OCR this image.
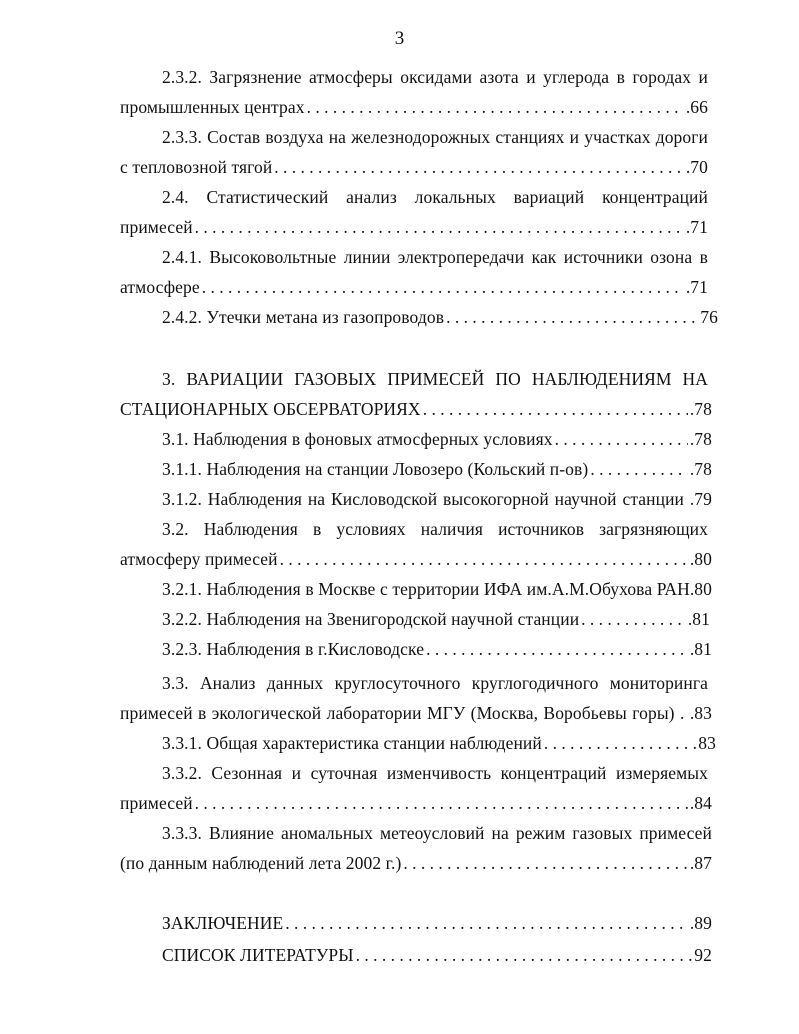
3
2.3.2. Загрязнение атмосферы оксидами азота и углерода в городах и
промышленных центрах . . .	.66
2.3.3. Состав воздуха на железнодорожных станциях и участках дороги
с тепловозной тягой . . .	.70
2.4. Статистический анализ локальных вариаций концентраций
примесей . . .	.71
2.4.1. Высоковольтные линии электропередачи как источники озона в
атмосфере . . .	.71
2.4.2. Утечки метана из газопроводов . . .	76
3. ВАРИАЦИИ ГАЗОВЫХ ПРИМЕСЕЙ ПО НАБЛЮДЕНИЯМ НА
СТАЦИОНАРНЫХ ОБСЕРВАТОРИЯХ . . .	.78
3.1. Наблюдения в фоновых атмосферных условиях . . .	.78
3.1.1. Наблюдения на станции Ловозеро (Кольский п-ов) . . .	.78
3.1.2. Наблюдения на Кисловодской высокогорной научной станции .79
3.2. Наблюдения в условиях наличия источников загрязняющих
атмосферу примесей . . .	.80
3.2.1. Наблюдения в Москве с территории ИФА им.А.М.Обухова РАН.80
3.2.2. Наблюдения на Звенигородской научной станции . . .	.81
3.2.3. Наблюдения в г.Кисловодске . . .	.81
3.3. Анализ данных круглосуточного круглогодичного мониторинга
примесей в экологической лаборатории МГУ (Москва, Воробьевы горы) . .83
3.3.1. Общая характеристика станции наблюдений . . .	83
3.3.2. Сезонная и суточная изменчивость концентраций измеряемых
примесей . . .	.84
3.3.3. Влияние аномальных метеоусловий на режим газовых примесей
(по данным наблюдений лета 2002 г.) . . .	.87
ЗАКЛЮЧЕНИЕ . . .	.89
СПИСОК ЛИТЕРАТУРЫ . . .	92
